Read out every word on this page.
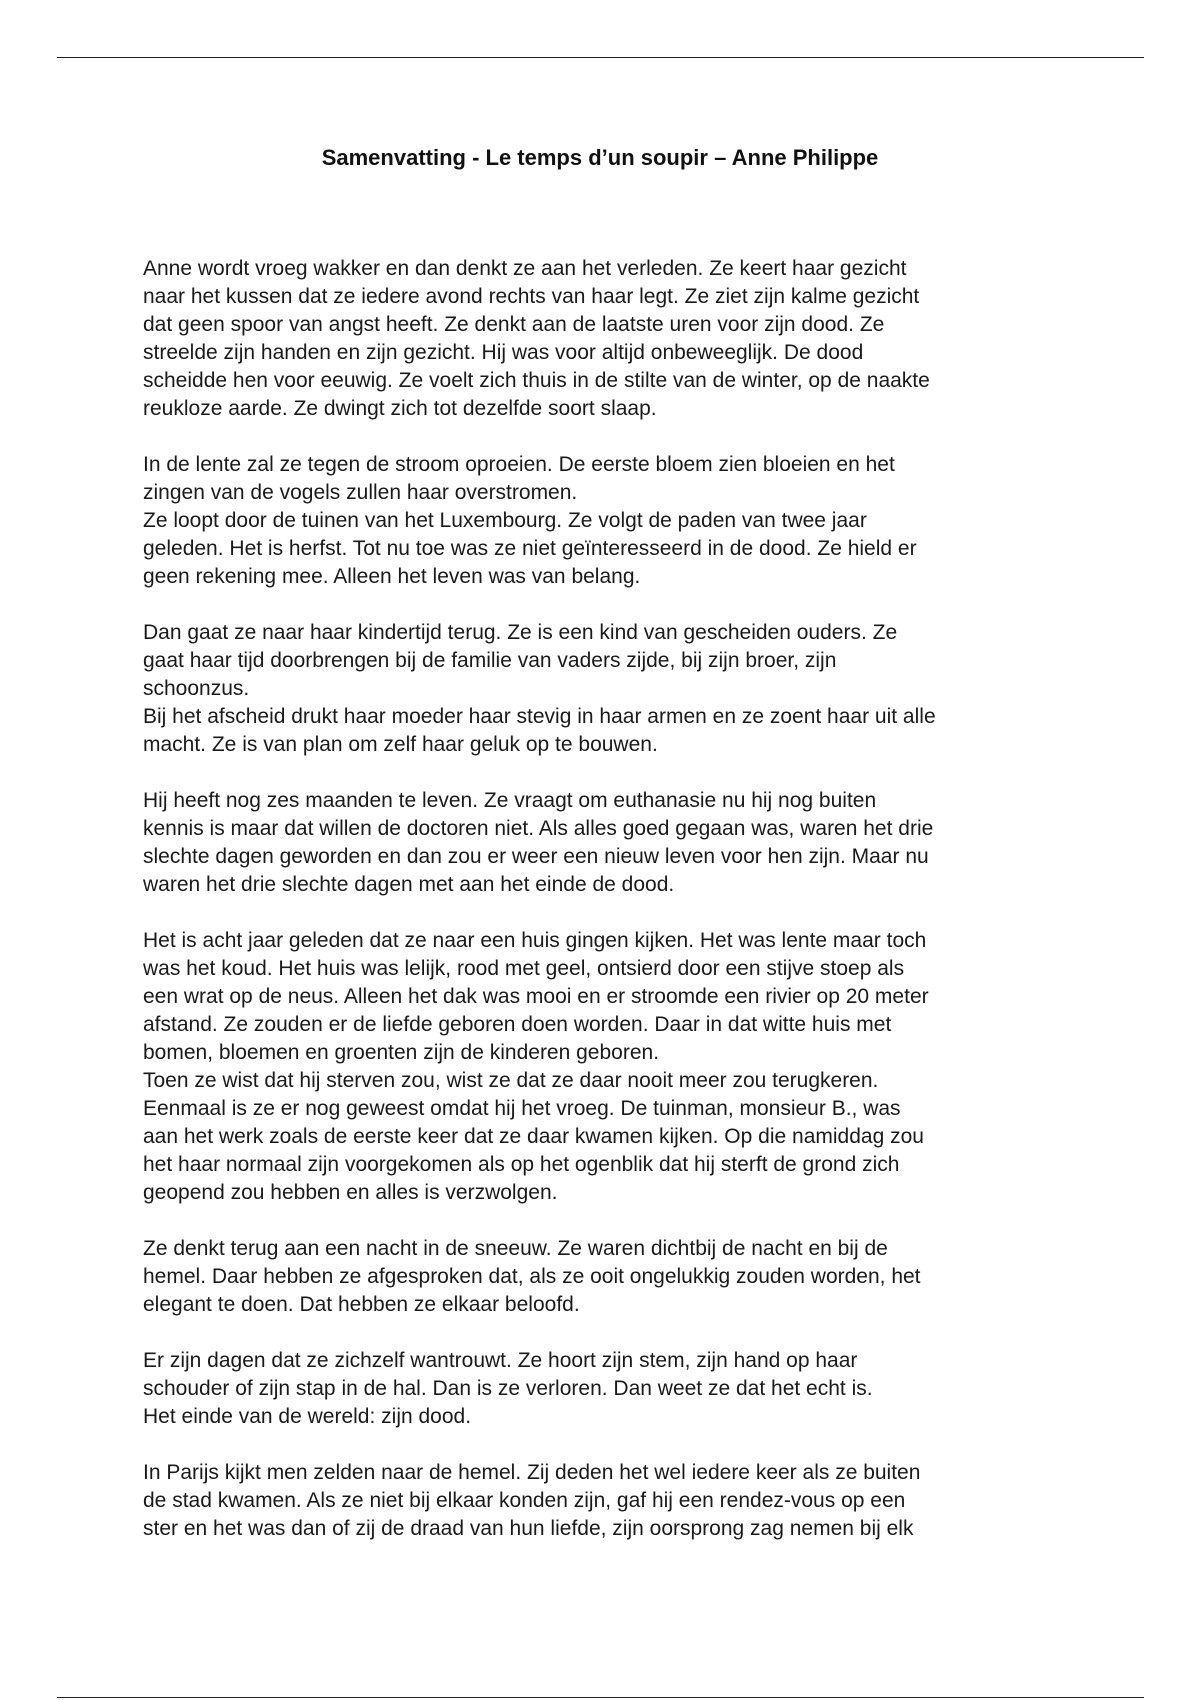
Samenvatting - Le temps d’un soupir – Anne Philippe

Anne wordt vroeg wakker en dan denkt ze aan het verleden. Ze keert haar gezicht
naar het kussen dat ze iedere avond rechts van haar legt. Ze ziet zijn kalme gezicht
dat geen spoor van angst heeft. Ze denkt aan de laatste uren voor zijn dood. Ze
streelde zijn handen en zijn gezicht. Hij was voor altijd onbeweeglijk. De dood
scheidde hen voor eeuwig. Ze voelt zich thuis in de stilte van de winter, op de naakte
reukloze aarde. Ze dwingt zich tot dezelfde soort slaap.

In de lente zal ze tegen de stroom oproeien. De eerste bloem zien bloeien en het
zingen van de vogels zullen haar overstromen.
Ze loopt door de tuinen van het Luxembourg. Ze volgt de paden van twee jaar
geleden. Het is herfst. Tot nu toe was ze niet geïnteresseerd in de dood. Ze hield er
geen rekening mee. Alleen het leven was van belang.

Dan gaat ze naar haar kindertijd terug. Ze is een kind van gescheiden ouders. Ze
gaat haar tijd doorbrengen bij de familie van vaders zijde, bij zijn broer, zijn
schoonzus.
Bij het afscheid drukt haar moeder haar stevig in haar armen en ze zoent haar uit alle
macht. Ze is van plan om zelf haar geluk op te bouwen.

Hij heeft nog zes maanden te leven. Ze vraagt om euthanasie nu hij nog buiten
kennis is maar dat willen de doctoren niet. Als alles goed gegaan was, waren het drie
slechte dagen geworden en dan zou er weer een nieuw leven voor hen zijn. Maar nu
waren het drie slechte dagen met aan het einde de dood.

Het is acht jaar geleden dat ze naar een huis gingen kijken. Het was lente maar toch
was het koud. Het huis was lelijk, rood met geel, ontsierd door een stijve stoep als
een wrat op de neus. Alleen het dak was mooi en er stroomde een rivier op 20 meter
afstand. Ze zouden er de liefde geboren doen worden. Daar in dat witte huis met
bomen, bloemen en groenten zijn de kinderen geboren.
Toen ze wist dat hij sterven zou, wist ze dat ze daar nooit meer zou terugkeren.
Eenmaal is ze er nog geweest omdat hij het vroeg. De tuinman, monsieur B., was
aan het werk zoals de eerste keer dat ze daar kwamen kijken. Op die namiddag zou
het haar normaal zijn voorgekomen als op het ogenblik dat hij sterft de grond zich
geopend zou hebben en alles is verzwolgen.

Ze denkt terug aan een nacht in de sneeuw. Ze waren dichtbij de nacht en bij de
hemel. Daar hebben ze afgesproken dat, als ze ooit ongelukkig zouden worden, het
elegant te doen. Dat hebben ze elkaar beloofd.

Er zijn dagen dat ze zichzelf wantrouwt. Ze hoort zijn stem, zijn hand op haar
schouder of zijn stap in de hal. Dan is ze verloren. Dan weet ze dat het echt is.
Het einde van de wereld: zijn dood.

In Parijs kijkt men zelden naar de hemel. Zij deden het wel iedere keer als ze buiten
de stad kwamen. Als ze niet bij elkaar konden zijn, gaf hij een rendez-vous op een
ster en het was dan of zij de draad van hun liefde, zijn oorsprong zag nemen bij elk
